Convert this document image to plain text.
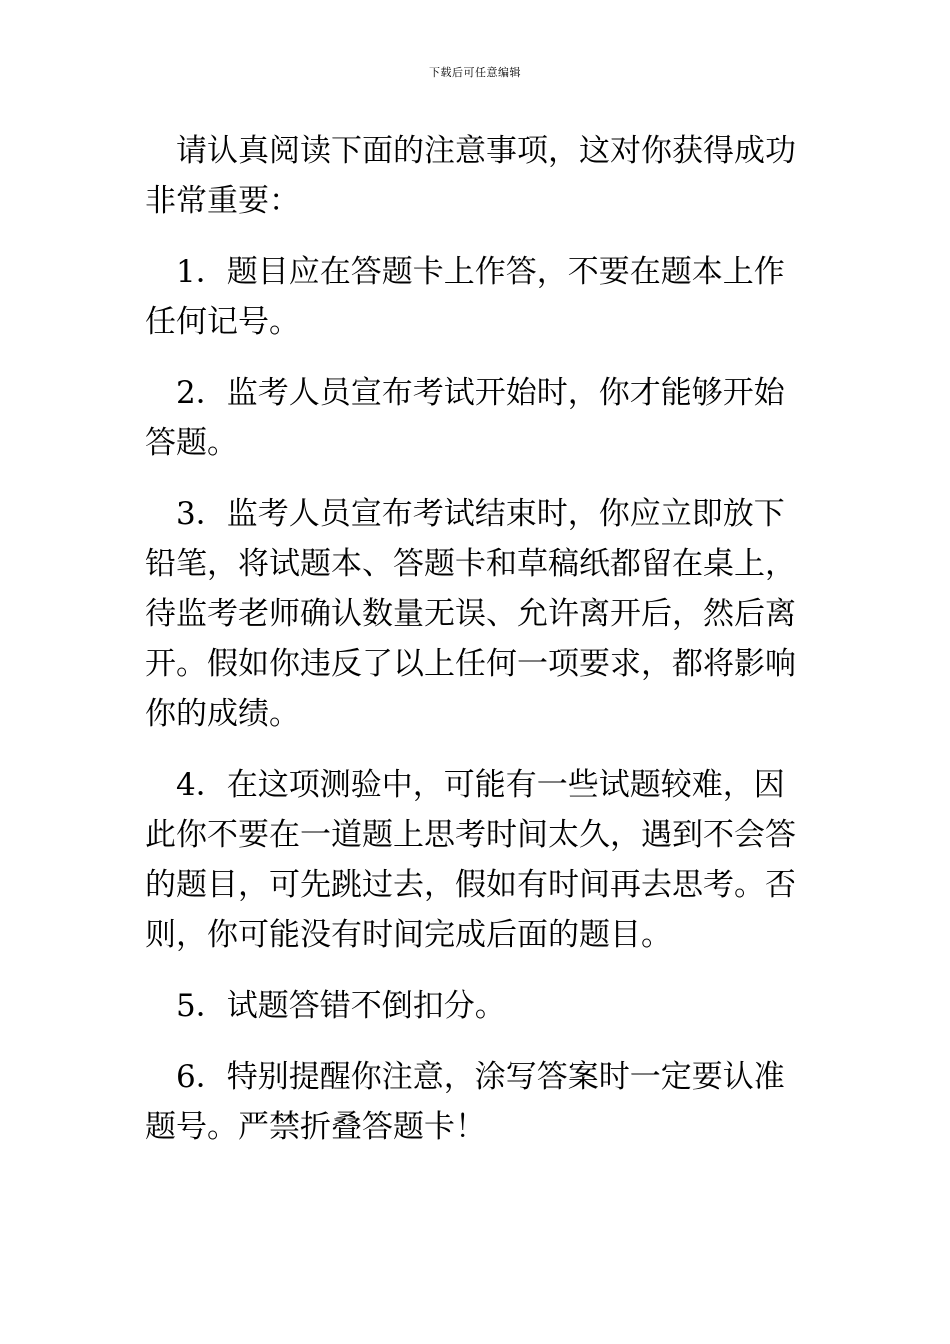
下载后可任意编辑

请认真阅读下面的注意事项，这对你获得成功非常重要：

1．题目应在答题卡上作答，不要在题本上作任何记号。

2．监考人员宣布考试开始时，你才能够开始答题。

3．监考人员宣布考试结束时，你应立即放下铅笔，将试题本、答题卡和草稿纸都留在桌上，待监考老师确认数量无误、允许离开后，然后离开。假如你违反了以上任何一项要求，都将影响你的成绩。

4．在这项测验中，可能有一些试题较难，因此你不要在一道题上思考时间太久，遇到不会答的题目，可先跳过去，假如有时间再去思考。否则，你可能没有时间完成后面的题目。

5．试题答错不倒扣分。

6．特别提醒你注意，涂写答案时一定要认准题号。严禁折叠答题卡！
